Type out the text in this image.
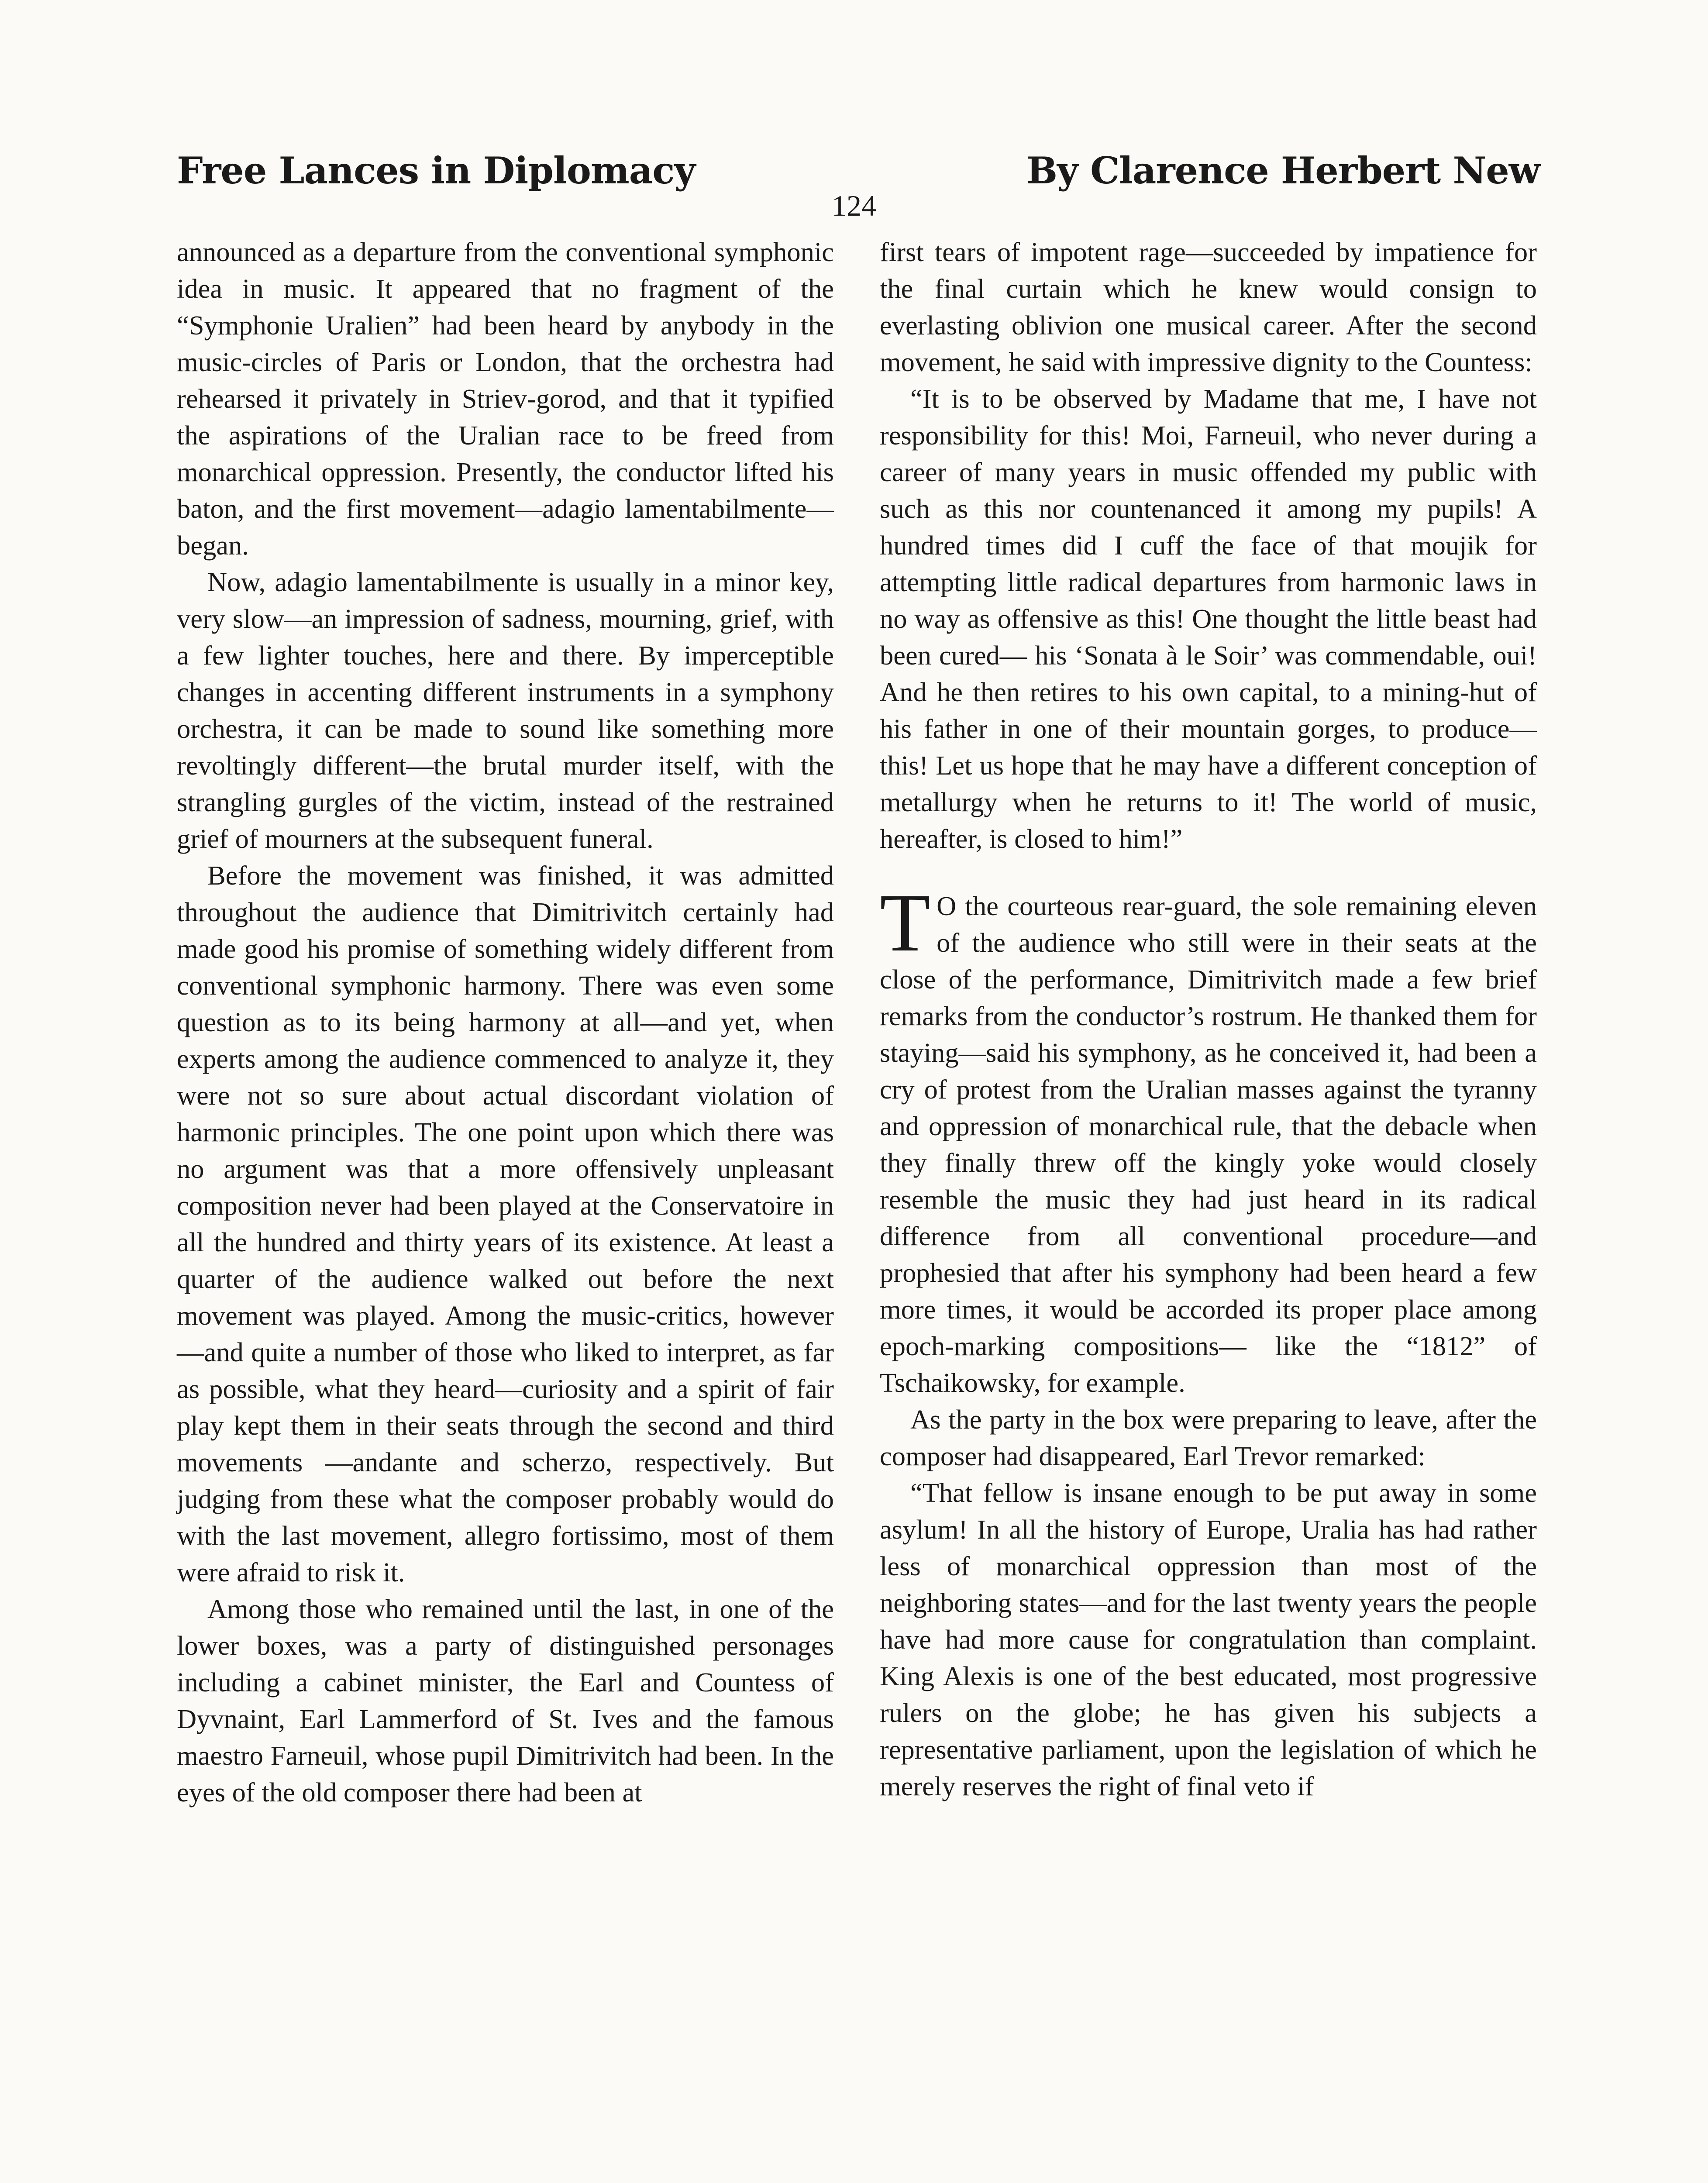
Free Lances in Diplomacy	By Clarence Herbert New
124

announced as a departure from the conventional symphonic idea in music. It appeared that no fragment of the “Symphonie Uralien” had been heard by anybody in the music-circles of Paris or London, that the orchestra had rehearsed it privately in Striev-gorod, and that it typified the aspirations of the Uralian race to be freed from monarchical oppression. Presently, the conductor lifted his baton, and the first movement—adagio lamentabilmente—began.

Now, adagio lamentabilmente is usually in a minor key, very slow—an impression of sadness, mourning, grief, with a few lighter touches, here and there. By imperceptible changes in accenting different instruments in a symphony orchestra, it can be made to sound like something more revoltingly different—the brutal murder itself, with the strangling gurgles of the victim, instead of the restrained grief of mourners at the subsequent funeral.

Before the movement was finished, it was admitted throughout the audience that Dimitrivitch certainly had made good his promise of something widely different from conventional symphonic harmony. There was even some question as to its being harmony at all—and yet, when experts among the audience commenced to analyze it, they were not so sure about actual discordant violation of harmonic principles. The one point upon which there was no argument was that a more offensively unpleasant composition never had been played at the Conservatoire in all the hundred and thirty years of its existence. At least a quarter of the audience walked out before the next movement was played. Among the music-critics, however—and quite a number of those who liked to interpret, as far as possible, what they heard—curiosity and a spirit of fair play kept them in their seats through the second and third movements —andante and scherzo, respectively. But judging from these what the composer probably would do with the last movement, allegro fortissimo, most of them were afraid to risk it.

Among those who remained until the last, in one of the lower boxes, was a party of distinguished personages including a cabinet minister, the Earl and Countess of Dyvnaint, Earl Lammerford of St. Ives and the famous maestro Farneuil, whose pupil Dimitrivitch had been. In the eyes of the old composer there had been at

first tears of impotent rage—succeeded by impatience for the final curtain which he knew would consign to everlasting oblivion one musical career. After the second movement, he said with impressive dignity to the Countess:

“It is to be observed by Madame that me, I have not responsibility for this! Moi, Farneuil, who never during a career of many years in music offended my public with such as this nor countenanced it among my pupils! A hundred times did I cuff the face of that moujik for attempting little radical departures from harmonic laws in no way as offensive as this! One thought the little beast had been cured— his ‘Sonata à le Soir’ was commendable, oui! And he then retires to his own capital, to a mining-hut of his father in one of their mountain gorges, to produce—this! Let us hope that he may have a different conception of metallurgy when he returns to it! The world of music, hereafter, is closed to him!”

T O the courteous rear-guard, the sole remaining eleven of the audience who still were in their seats at the close of the performance, Dimitrivitch made a few brief remarks from the conductor’s rostrum. He thanked them for staying—said his symphony, as he conceived it, had been a cry of protest from the Uralian masses against the tyranny and oppression of monarchical rule, that the debacle when they finally threw off the kingly yoke would closely resemble the music they had just heard in its radical difference from all conventional procedure—and prophesied that after his symphony had been heard a few more times, it would be accorded its proper place among epoch-marking compositions— like the “1812” of Tschaikowsky, for example.

As the party in the box were preparing to leave, after the composer had disappeared, Earl Trevor remarked:

“That fellow is insane enough to be put away in some asylum! In all the history of Europe, Uralia has had rather less of monarchical oppression than most of the neighboring states—and for the last twenty years the people have had more cause for congratulation than complaint. King Alexis is one of the best educated, most progressive rulers on the globe; he has given his subjects a representative parliament, upon the legislation of which he merely reserves the right of final veto if
